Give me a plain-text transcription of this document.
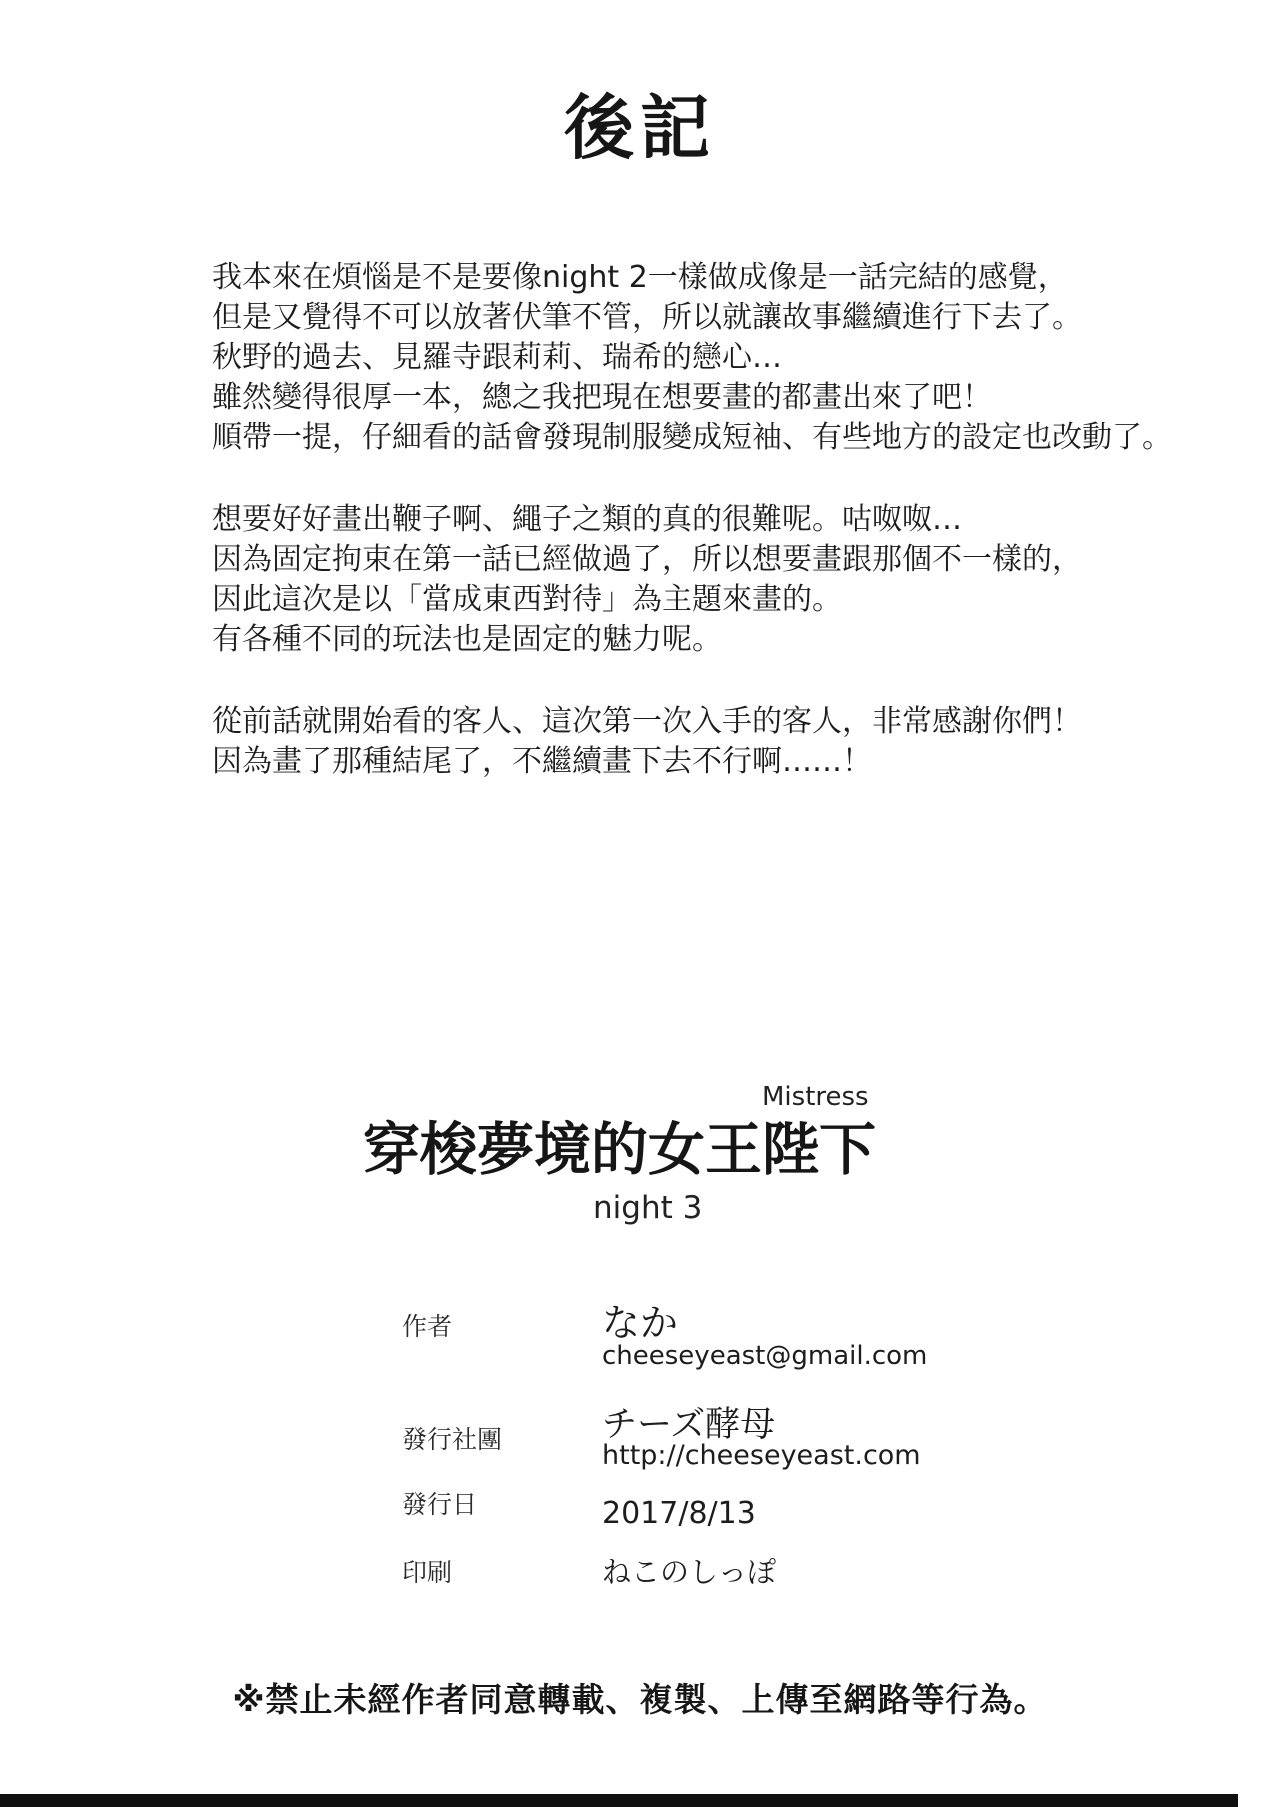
後記

我本來在煩惱是不是要像night 2一樣做成像是一話完結的感覺，
但是又覺得不可以放著伏筆不管，所以就讓故事繼續進行下去了。
秋野的過去、見羅寺跟莉莉、瑞希的戀心…
雖然變得很厚一本，總之我把現在想要畫的都畫出來了吧！
順帶一提，仔細看的話會發現制服變成短袖、有些地方的設定也改動了。

想要好好畫出鞭子啊、繩子之類的真的很難呢。咕呶呶…
因為固定拘束在第一話已經做過了，所以想要畫跟那個不一樣的，
因此這次是以「當成東西對待」為主題來畫的。
有各種不同的玩法也是固定的魅力呢。

從前話就開始看的客人、這次第一次入手的客人，非常感謝你們！
因為畫了那種結尾了，不繼續畫下去不行啊……！

Mistress
穿梭夢境的女王陛下
night 3
作者	なか
cheeseyeast@gmail.com
發行社團	チーズ酵母
http://cheeseyeast.com
發行日	2017/8/13
印刷	ねこのしっぽ
※禁止未經作者同意轉載、複製、上傳至網路等行為。
